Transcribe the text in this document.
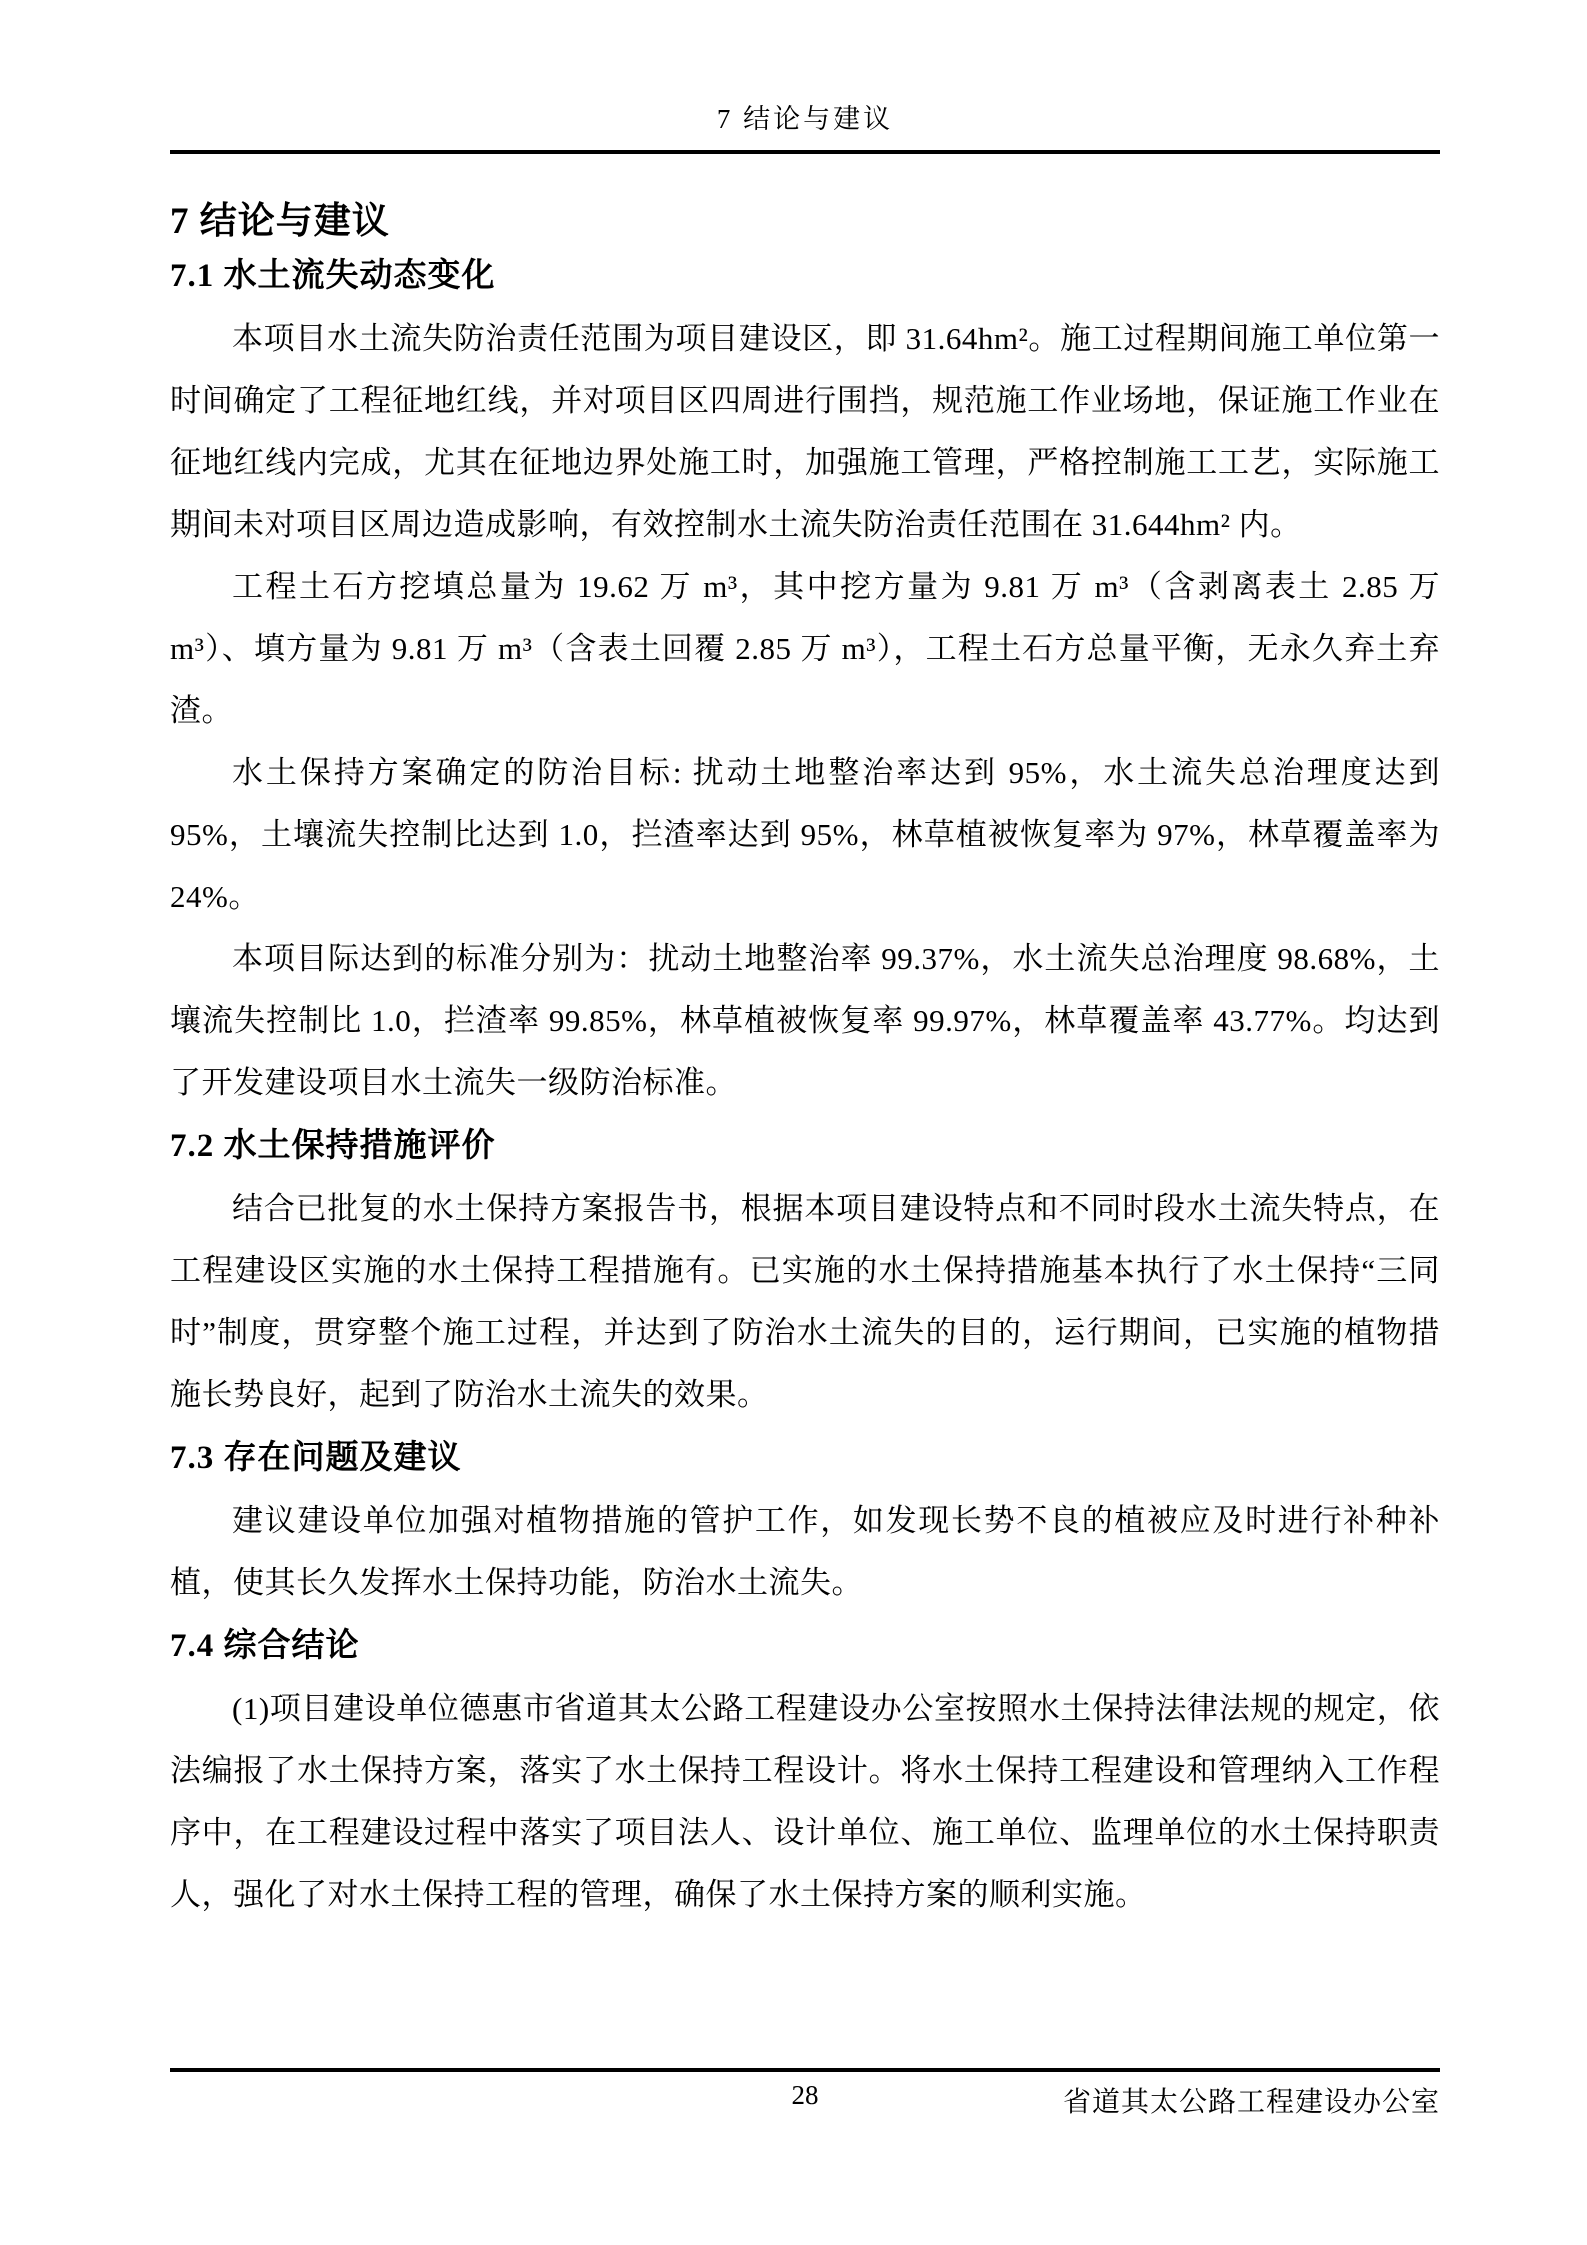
7 结论与建议
7 结论与建议
7.1 水土流失动态变化

本项目水土流失防治责任范围为项目建设区，即 31.64hm²。施工过程期间施工单位第一时间确定了工程征地红线，并对项目区四周进行围挡，规范施工作业场地，保证施工作业在征地红线内完成，尤其在征地边界处施工时，加强施工管理，严格控制施工工艺，实际施工期间未对项目区周边造成影响，有效控制水土流失防治责任范围在 31.644hm² 内。

工程土石方挖填总量为 19.62 万 m³，其中挖方量为 9.81 万 m³（含剥离表土 2.85 万 m³）、填方量为 9.81 万 m³（含表土回覆 2.85 万 m³），工程土石方总量平衡，无永久弃土弃渣。

水土保持方案确定的防治目标: 扰动土地整治率达到 95%，水土流失总治理度达到 95%，土壤流失控制比达到 1.0，拦渣率达到 95%，林草植被恢复率为 97%，林草覆盖率为 24%。

本项目际达到的标准分别为：扰动土地整治率 99.37%，水土流失总治理度 98.68%，土壤流失控制比 1.0，拦渣率 99.85%，林草植被恢复率 99.97%，林草覆盖率 43.77%。均达到了开发建设项目水土流失一级防治标准。

7.2 水土保持措施评价

结合已批复的水土保持方案报告书，根据本项目建设特点和不同时段水土流失特点，在工程建设区实施的水土保持工程措施有。已实施的水土保持措施基本执行了水土保持“三同时”制度，贯穿整个施工过程，并达到了防治水土流失的目的，运行期间，已实施的植物措施长势良好，起到了防治水土流失的效果。

7.3 存在问题及建议

建议建设单位加强对植物措施的管护工作，如发现长势不良的植被应及时进行补种补植，使其长久发挥水土保持功能，防治水土流失。

7.4 综合结论

(1)项目建设单位德惠市省道其太公路工程建设办公室按照水土保持法律法规的规定，依法编报了水土保持方案，落实了水土保持工程设计。将水土保持工程建设和管理纳入工作程序中，在工程建设过程中落实了项目法人、设计单位、施工单位、监理单位的水土保持职责人，强化了对水土保持工程的管理，确保了水土保持方案的顺利实施。

28	省道其太公路工程建设办公室
